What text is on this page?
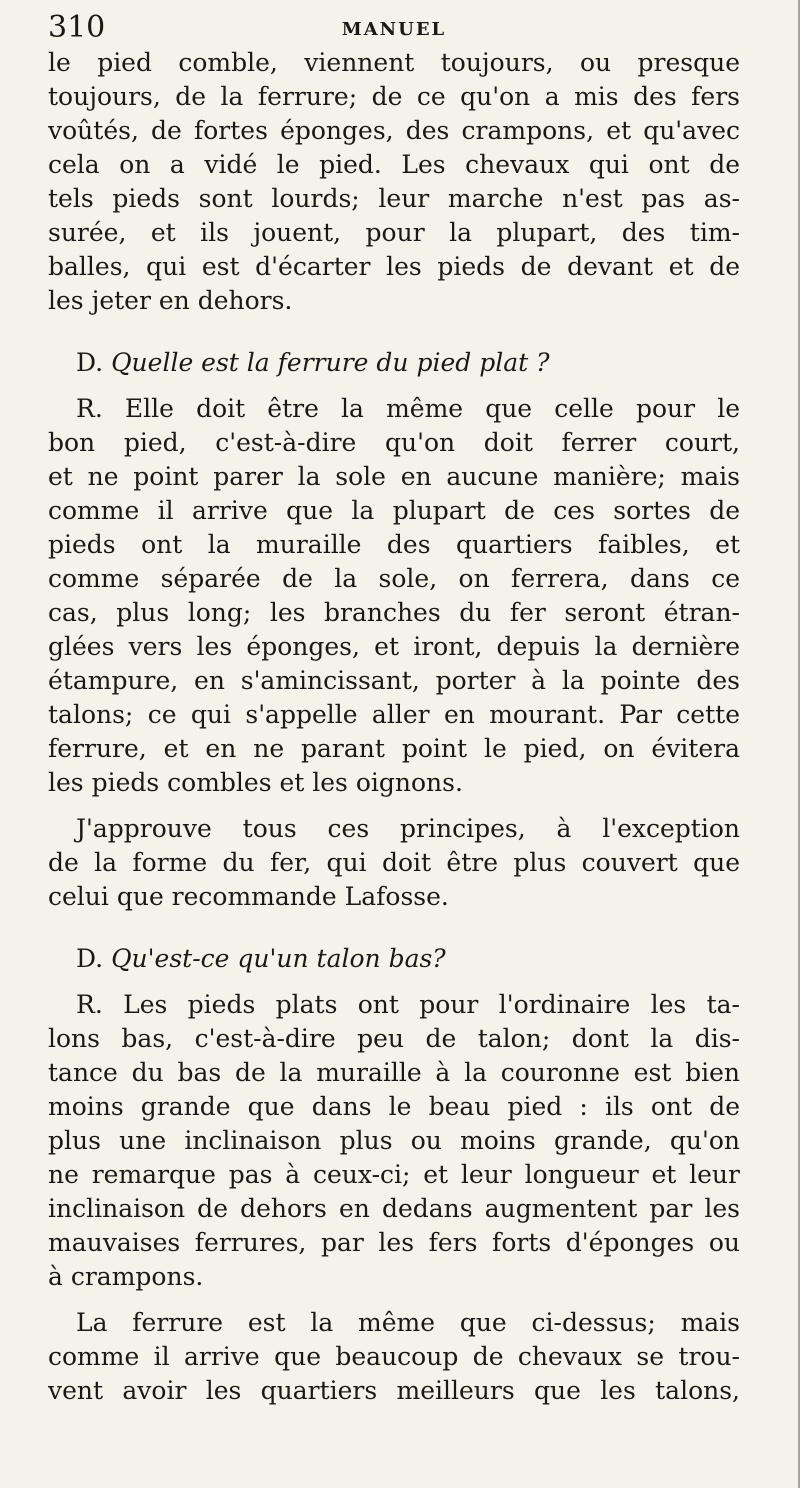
310	MANUEL
le pied comble, viennent toujours, ou presque
toujours, de la ferrure; de ce qu'on a mis des fers
voûtés, de fortes éponges, des crampons, et qu'avec
cela on a vidé le pied. Les chevaux qui ont de
tels pieds sont lourds; leur marche n'est pas as-
surée, et ils jouent, pour la plupart, des tim-
balles, qui est d'écarter les pieds de devant et de
les jeter en dehors.
D. Quelle est la ferrure du pied plat ?
R. Elle doit être la même que celle pour le
bon pied, c'est-à-dire qu'on doit ferrer court,
et ne point parer la sole en aucune manière; mais
comme il arrive que la plupart de ces sortes de
pieds ont la muraille des quartiers faibles, et
comme séparée de la sole, on ferrera, dans ce
cas, plus long; les branches du fer seront étran-
glées vers les éponges, et iront, depuis la dernière
étampure, en s'amincissant, porter à la pointe des
talons; ce qui s'appelle aller en mourant. Par cette
ferrure, et en ne parant point le pied, on évitera
les pieds combles et les oignons.
J'approuve tous ces principes, à l'exception
de la forme du fer, qui doit être plus couvert que
celui que recommande Lafosse.
D. Qu'est-ce qu'un talon bas?
R. Les pieds plats ont pour l'ordinaire les ta-
lons bas, c'est-à-dire peu de talon; dont la dis-
tance du bas de la muraille à la couronne est bien
moins grande que dans le beau pied : ils ont de
plus une inclinaison plus ou moins grande, qu'on
ne remarque pas à ceux-ci; et leur longueur et leur
inclinaison de dehors en dedans augmentent par les
mauvaises ferrures, par les fers forts d'éponges ou
à crampons.
La ferrure est la même que ci-dessus; mais
comme il arrive que beaucoup de chevaux se trou-
vent avoir les quartiers meilleurs que les talons,
